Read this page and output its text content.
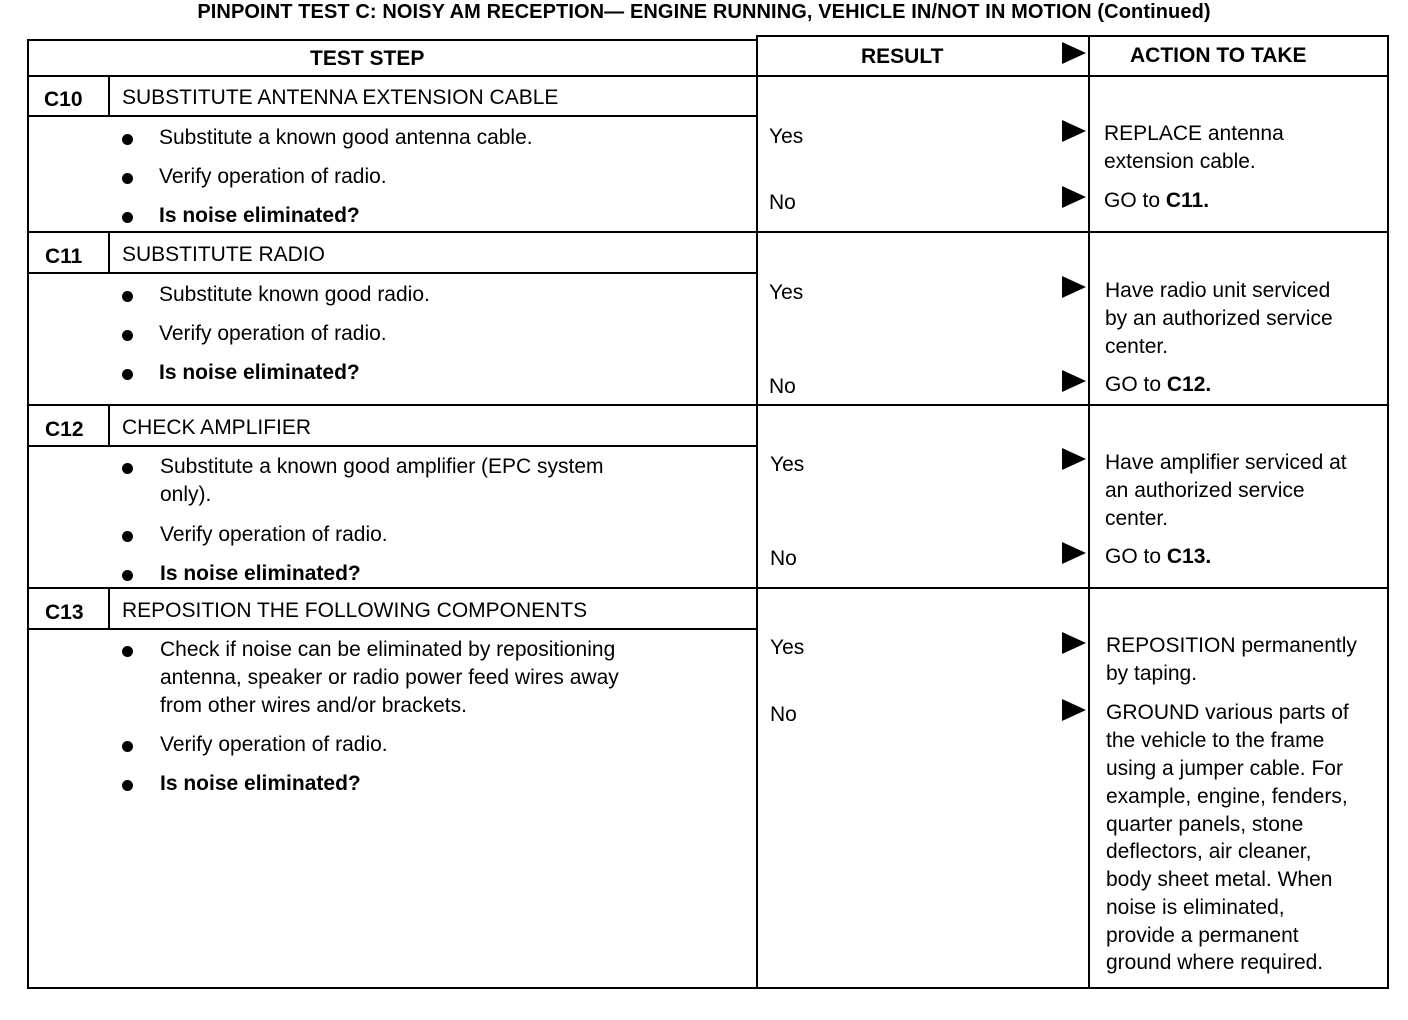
PINPOINT TEST C: NOISY AM RECEPTION— ENGINE RUNNING, VEHICLE IN/NOT IN MOTION (Continued)
TEST STEP	RESULT	ACTION TO TAKE
C10 SUBSTITUTE ANTENNA EXTENSION CABLE
Substitute a known good antenna cable.
Verify operation of radio.
Is noise eliminated?
Yes	REPLACE antenna
extension cable.
No	GO to C11.
C11 SUBSTITUTE RADIO
Substitute known good radio.
Verify operation of radio.
Is noise eliminated?
Yes	Have radio unit serviced
by an authorized service
center.
No	GO to C12.
C12 CHECK AMPLIFIER
Substitute a known good amplifier (EPC system
only).
Verify operation of radio.
Is noise eliminated?
Yes	Have amplifier serviced at
an authorized service
center.
No	GO to C13.
C13 REPOSITION THE FOLLOWING COMPONENTS
Check if noise can be eliminated by repositioning
antenna, speaker or radio power feed wires away
from other wires and/or brackets.
Verify operation of radio.
Is noise eliminated?
Yes	REPOSITION permanently
by taping.
No	GROUND various parts of
the vehicle to the frame
using a jumper cable. For
example, engine, fenders,
quarter panels, stone
deflectors, air cleaner,
body sheet metal. When
noise is eliminated,
provide a permanent
ground where required.
